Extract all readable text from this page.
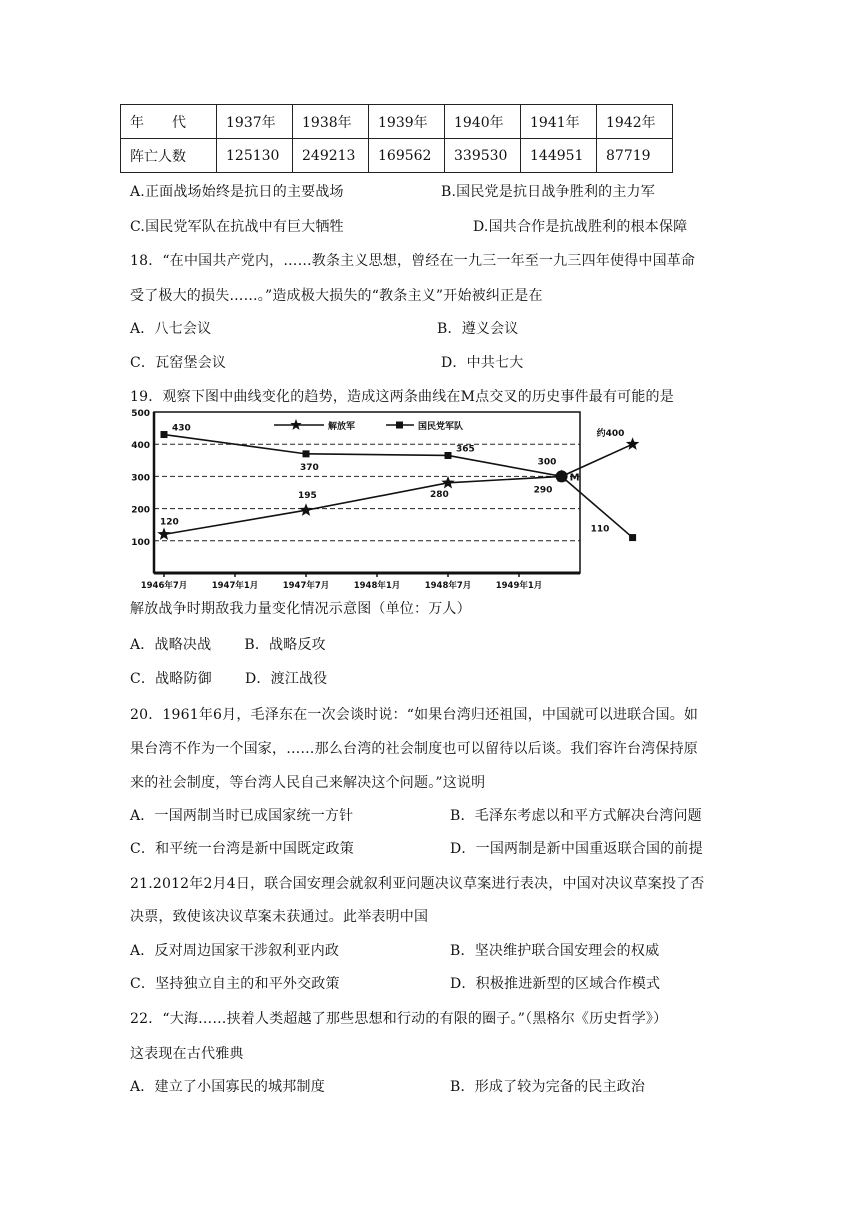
年　　代	1937年	1938年	1939年	1940年	1941年	1942年
阵亡人数	125130	249213	169562	339530	144951	87719
A.正面战场始终是抗日的主要战场	B.国民党是抗日战争胜利的主力军
C.国民党军队在抗战中有巨大牺牲	D.国共合作是抗战胜利的根本保障
18．“在中国共产党内，……教条主义思想，曾经在一九三一年至一九三四年使得中国革命
受了极大的损失……。”造成极大损失的“教条主义”开始被纠正是在
A．八七会议	B．遵义会议
C．瓦窑堡会议	D．中共七大
19．观察下图中曲线变化的趋势，造成这两条曲线在M点交叉的历史事件最有可能的是
100
200
300
400
500
1946年7月	1947年1月	1947年7月	1948年1月	1948年7月	1949年1月
120
195	280	290
约400
430
370
365
300
110
M
解放军	国民党军队
解放战争时期敌我力量变化情况示意图（单位：万人）
A．战略决战　　 B．战略反攻
C．战略防御　　 D．渡江战役
20．1961年6月，毛泽东在一次会谈时说：“如果台湾归还祖国，中国就可以进联合国。如
果台湾不作为一个国家，……那么台湾的社会制度也可以留待以后谈。我们容许台湾保持原
来的社会制度，等台湾人民自己来解决这个问题。”这说明
A．一国两制当时已成国家统一方针	B．毛泽东考虑以和平方式解决台湾问题
C．和平统一台湾是新中国既定政策	D．一国两制是新中国重返联合国的前提
21.2012年2月4日，联合国安理会就叙利亚问题决议草案进行表决，中国对决议草案投了否
决票，致使该决议草案未获通过。此举表明中国
A．反对周边国家干涉叙利亚内政	B．坚决维护联合国安理会的权威
C．坚持独立自主的和平外交政策	D．积极推进新型的区域合作模式
22．“大海……挟着人类超越了那些思想和行动的有限的圈子。”（黑格尔《历史哲学》）
这表现在古代雅典
A．建立了小国寡民的城邦制度	B．形成了较为完备的民主政治
